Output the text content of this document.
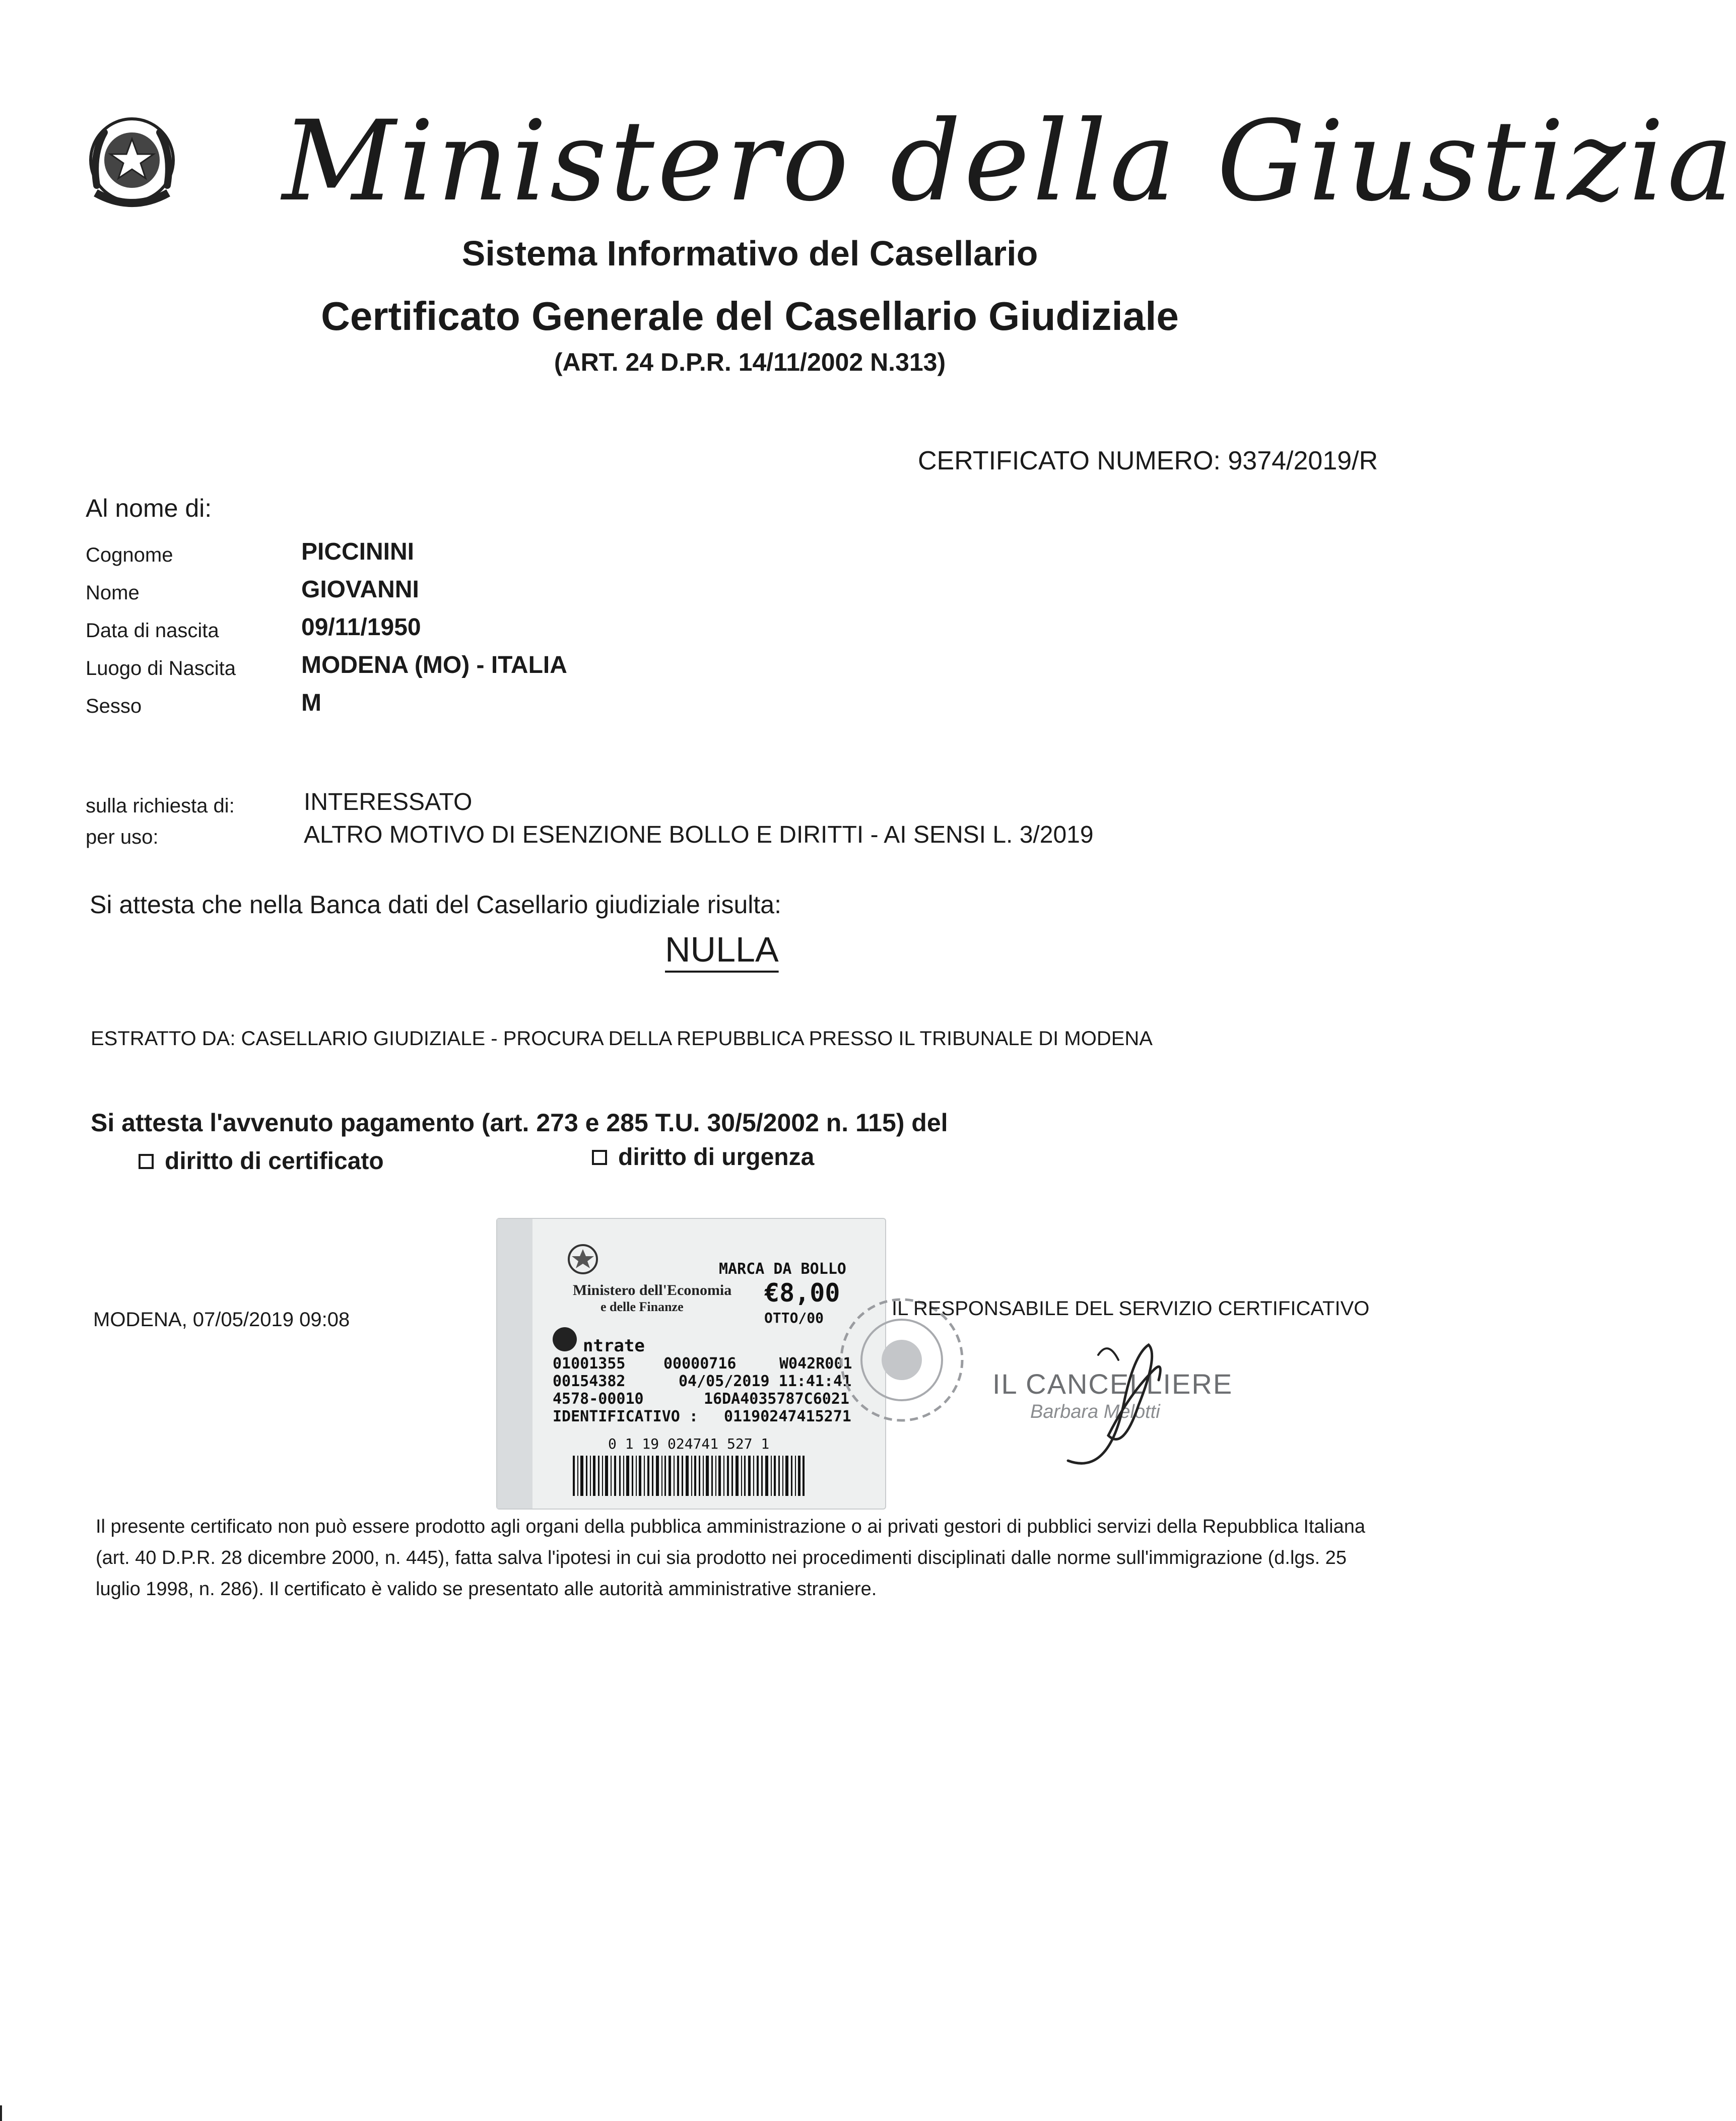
Ministero della Giustizia
Sistema Informativo del Casellario
Certificato Generale del Casellario Giudiziale
(ART. 24 D.P.R. 14/11/2002 N.313)
CERTIFICATO NUMERO: 9374/2019/R
Al nome di:
Cognome	PICCININI
Nome	GIOVANNI
Data di nascita	09/11/1950
Luogo di Nascita	MODENA (MO) - ITALIA
Sesso	M
sulla richiesta di:	INTERESSATO
per uso:	ALTRO MOTIVO DI ESENZIONE BOLLO E DIRITTI - AI SENSI L. 3/2019
Si attesta che nella Banca dati del Casellario giudiziale risulta:
NULLA
ESTRATTO DA: CASELLARIO GIUDIZIALE - PROCURA DELLA REPUBBLICA PRESSO IL TRIBUNALE DI MODENA
Si attesta l'avvenuto pagamento (art. 273 e 285 T.U. 30/5/2002 n. 115) del
diritto di certificato	diritto di urgenza
MODENA, 07/05/2019 09:08
Ministero dell'Economia
e delle Finanze
MARCA DA BOLLO
€8,00
OTTO/00
ntrate
01001355	00000716	W042R001
00154382	04/05/2019 11:41:41
4578-00010	16DA4035787C6021
IDENTIFICATIVO : 01190247415271
0 1 19 024741 527 1
IL RESPONSABILE DEL SERVIZIO CERTIFICATIVO
IL CANCELLIERE
Barbara Melotti
Il presente certificato non può essere prodotto agli organi della pubblica amministrazione o ai privati gestori di pubblici servizi della Repubblica Italiana (art. 40 D.P.R. 28 dicembre 2000, n. 445), fatta salva l'ipotesi in cui sia prodotto nei procedimenti disciplinati dalle norme sull'immigrazione (d.lgs. 25 luglio 1998, n. 286). Il certificato è valido se presentato alle autorità amministrative straniere.
